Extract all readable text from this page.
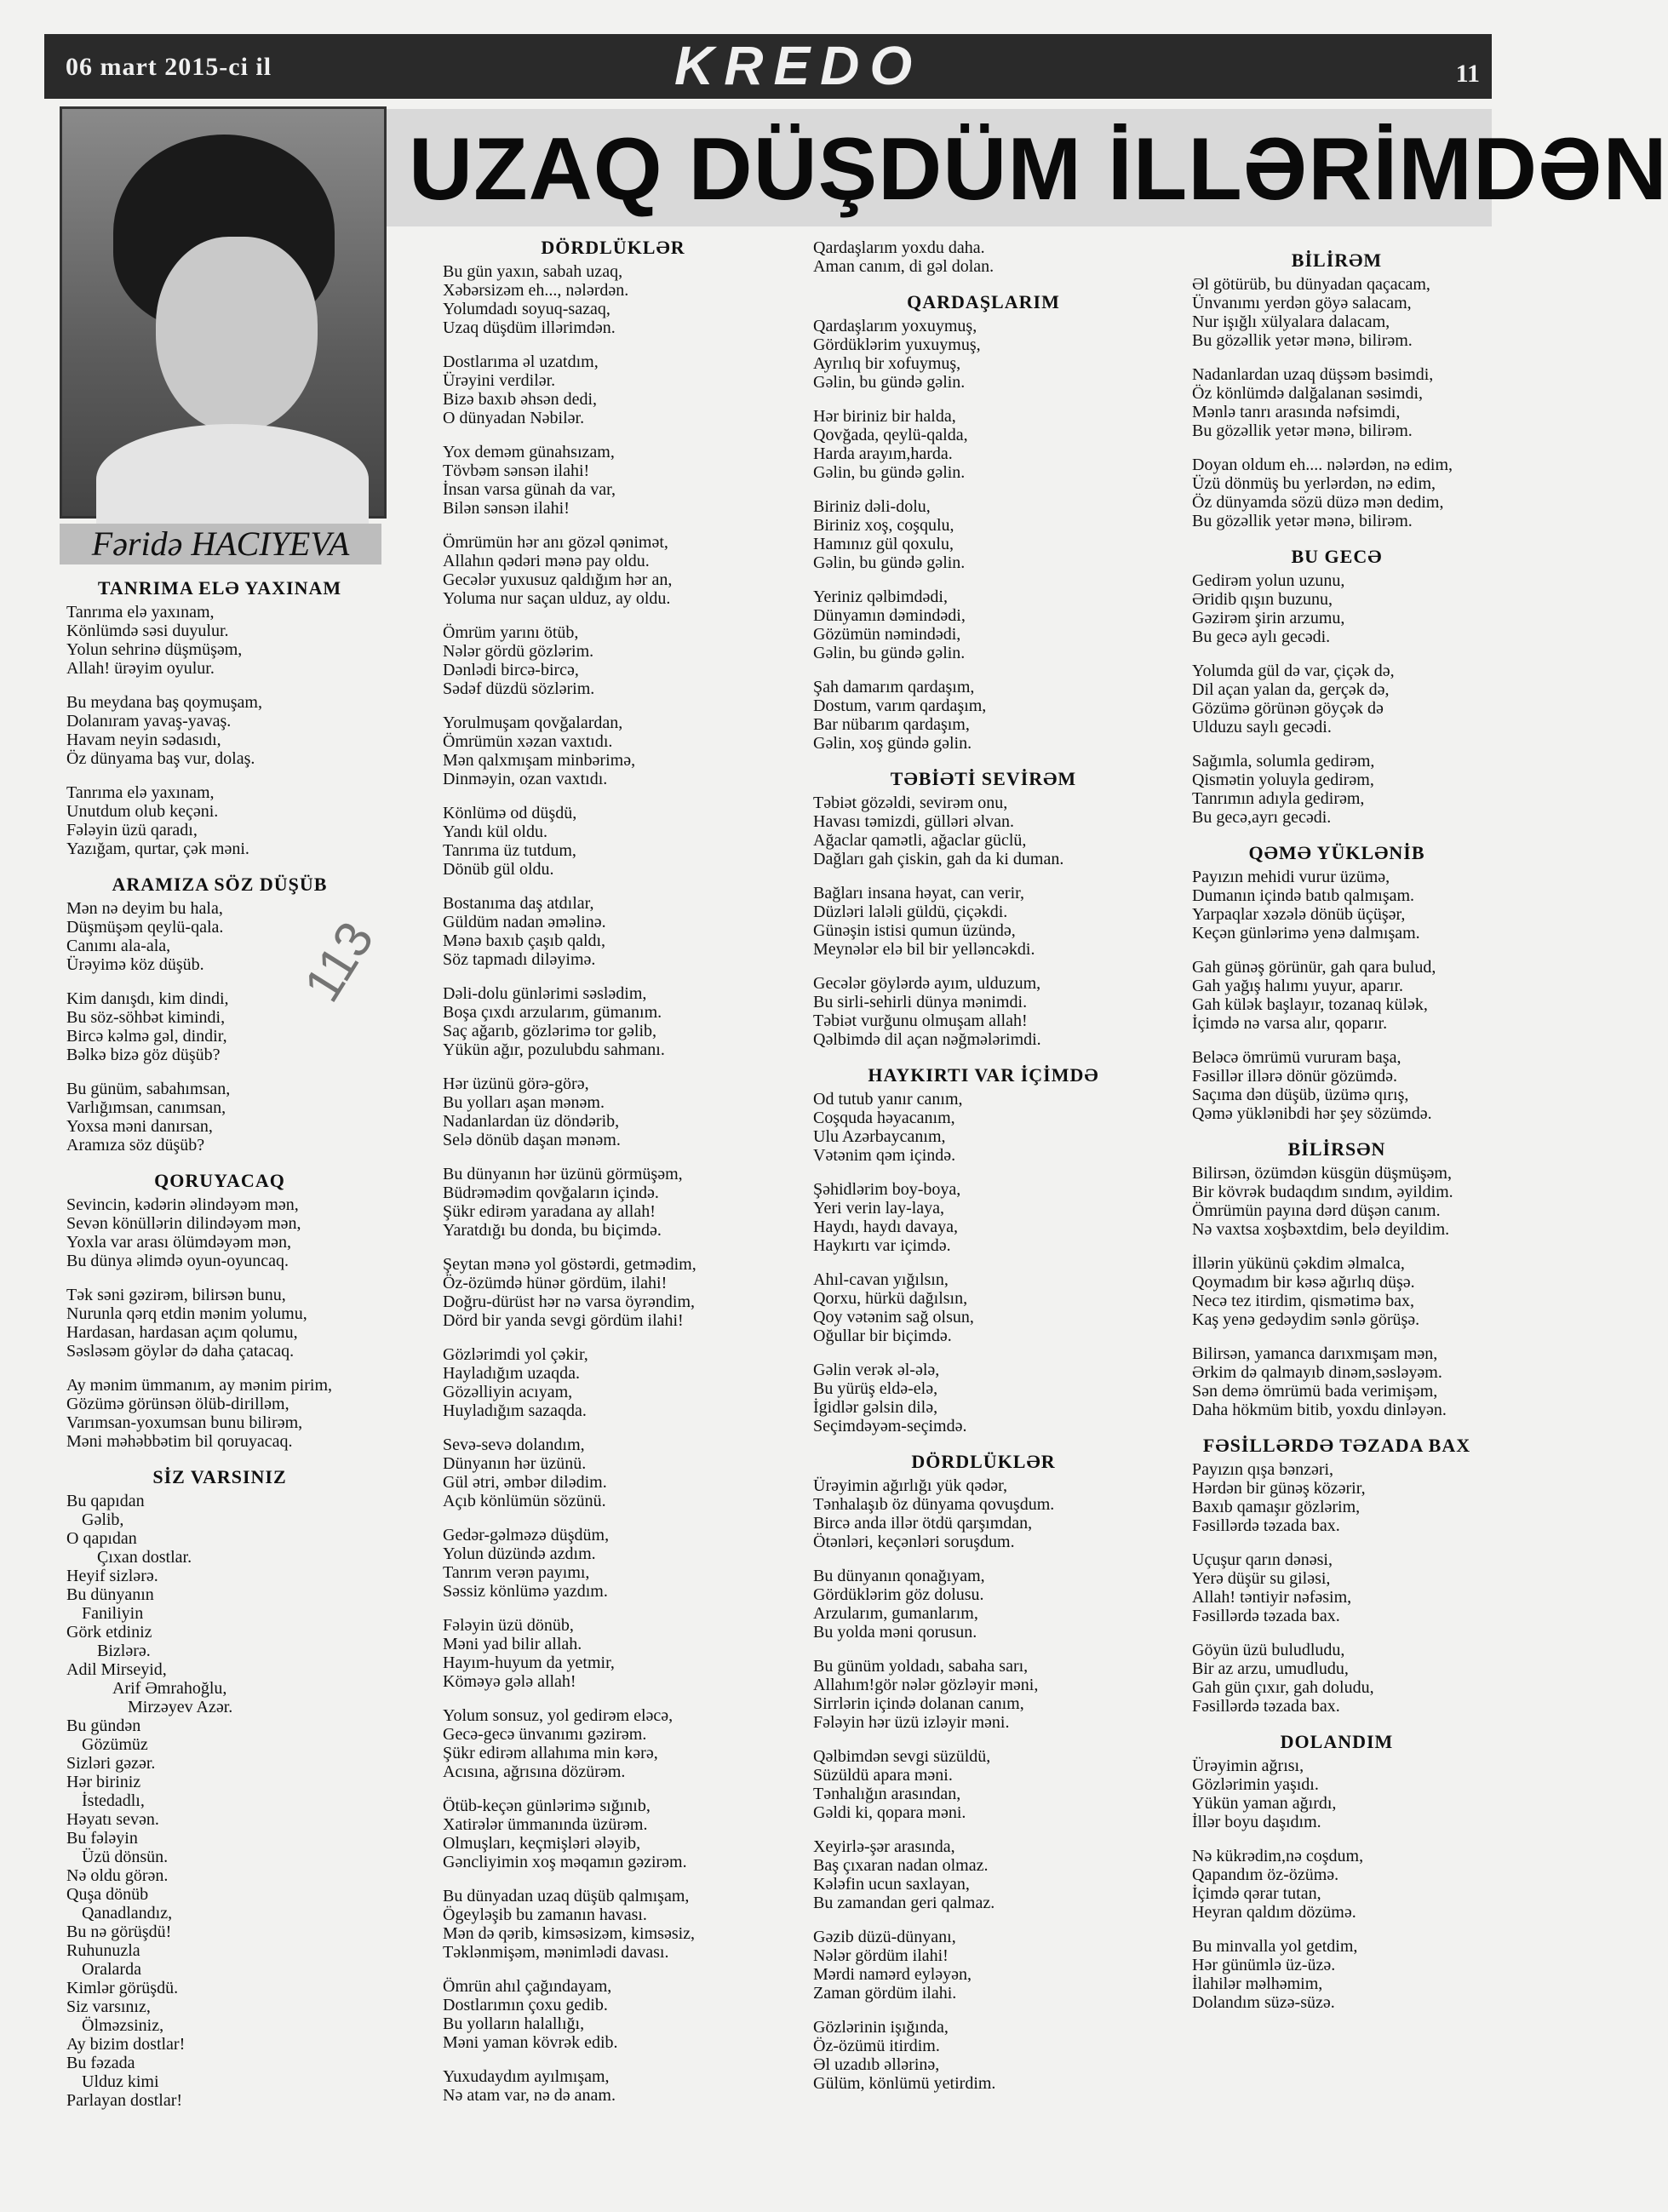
06 mart 2015-ci il	KREDO	11
UZAQ DÜŞDÜM İLLƏRİMDƏN
Fəridə HACIYEVA
113
TANRIMA ELƏ YAXINAM
Tanrıma elə yaxınam,
Könlümdə səsi duyulur.
Yolun sehrinə düşmüşəm,
Allah! ürəyim oyulur.
Bu meydana baş qoymuşam,
Dolanıram yavaş-yavaş.
Havam neyin sədasıdı,
Öz dünyama baş vur, dolaş.
Tanrıma elə yaxınam,
Unutdum olub keçəni.
Fələyin üzü qaradı,
Yazığam, qurtar, çək məni.
ARAMIZA SÖZ DÜŞÜB
Mən nə deyim bu hala,
Düşmüşəm qeylü-qala.
Canımı ala-ala,
Ürəyimə köz düşüb.
Kim danışdı, kim dindi,
Bu söz-söhbət kimindi,
Bircə kəlmə gəl, dindir,
Bəlkə bizə göz düşüb?
Bu günüm, sabahımsan,
Varlığımsan, canımsan,
Yoxsa məni danırsan,
Aramıza söz düşüb?
QORUYACAQ
Sevincin, kədərin əlindəyəm mən,
Sevən könüllərin dilindəyəm mən,
Yoxla var arası ölümdəyəm mən,
Bu dünya əlimdə oyun-oyuncaq.
Tək səni gəzirəm, bilirsən bunu,
Nurunla qərq etdin mənim yolumu,
Hardasan, hardasan açım qolumu,
Səsləsəm göylər də daha çatacaq.
Ay mənim ümmanım, ay mənim pirim,
Gözümə görünsən ölüb-dirilləm,
Varımsan-yoxumsan bunu bilirəm,
Məni məhəbbətim bil qoruyacaq.
SİZ VARSINIZ
Bu qapıdan
Gəlib,
O qapıdan
Çıxan dostlar.
Heyif sizlərə.
Bu dünyanın
Faniliyin
Görk etdiniz
Bizlərə.
Adil Mirseyid,
Arif Əmrahoğlu,
Mirzəyev Azər.
Bu gündən
Gözümüz
Sizləri gəzər.
Hər biriniz
İstedadlı,
Həyatı sevən.
Bu fələyin
Üzü dönsün.
Nə oldu görən.
Quşa dönüb
Qanadlandız,
Bu nə görüşdü!
Ruhunuzla
Oralarda
Kimlər görüşdü.
Siz varsınız,
Ölməzsiniz,
Ay bizim dostlar!
Bu fəzada
Ulduz kimi
Parlayan dostlar!
DÖRDLÜKLƏR
Bu gün yaxın, sabah uzaq,
Xəbərsizəm eh..., nələrdən.
Yolumdadı soyuq-sazaq,
Uzaq düşdüm illərimdən.
Dostlarıma əl uzatdım,
Ürəyini verdilər.
Bizə baxıb əhsən dedi,
O dünyadan Nəbilər.
Yox deməm günahsızam,
Tövbəm sənsən ilahi!
İnsan varsa günah da var,
Bilən sənsən ilahi!
Ömrümün hər anı gözəl qənimət,
Allahın qədəri mənə pay oldu.
Gecələr yuxusuz qaldığım hər an,
Yoluma nur saçan ulduz, ay oldu.
Ömrüm yarını ötüb,
Nələr gördü gözlərim.
Dənlədi bircə-bircə,
Sədəf düzdü sözlərim.
Yorulmuşam qovğalardan,
Ömrümün xəzan vaxtıdı.
Mən qalxmışam minbərimə,
Dinməyin, ozan vaxtıdı.
Könlümə od düşdü,
Yandı kül oldu.
Tanrıma üz tutdum,
Dönüb gül oldu.
Bostanıma daş atdılar,
Güldüm nadan əməlinə.
Mənə baxıb çaşıb qaldı,
Söz tapmadı diləyimə.
Dəli-dolu günlərimi səslədim,
Boşa çıxdı arzularım, gümanım.
Saç ağarıb, gözlərimə tor gəlib,
Yükün ağır, pozulubdu sahmanı.
Hər üzünü görə-görə,
Bu yolları aşan mənəm.
Nadanlardan üz döndərib,
Selə dönüb daşan mənəm.
Bu dünyanın hər üzünü görmüşəm,
Büdrəmədim qovğaların içində.
Şükr edirəm yaradana ay allah!
Yaratdığı bu donda, bu biçimdə.
Şeytan mənə yol göstərdi, getmədim,
Öz-özümdə hünər gördüm, ilahi!
Doğru-dürüst hər nə varsa öyrəndim,
Dörd bir yanda sevgi gördüm ilahi!
Gözlərimdi yol çəkir,
Hayladığım uzaqda.
Gözəlliyin acıyam,
Huyladığım sazaqda.
Sevə-sevə dolandım,
Dünyanın hər üzünü.
Gül ətri, əmbər dilədim.
Açıb könlümün sözünü.
Gedər-gəlməzə düşdüm,
Yolun düzündə azdım.
Tanrım verən payımı,
Səssiz könlümə yazdım.
Fələyin üzü dönüb,
Məni yad bilir allah.
Hayım-huyum da yetmir,
Köməyə gələ allah!
Yolum sonsuz, yol gedirəm eləcə,
Gecə-gecə ünvanımı gəzirəm.
Şükr edirəm allahıma min kərə,
Acısına, ağrısına dözürəm.
Ötüb-keçən günlərimə sığınıb,
Xatirələr ümmanında üzürəm.
Olmuşları, keçmişləri ələyib,
Gəncliyimin xoş məqamın gəzirəm.
Bu dünyadan uzaq düşüb qalmışam,
Ögeyləşib bu zamanın havası.
Mən də qərib, kimsəsizəm, kimsəsiz,
Təklənmişəm, mənimlədi davası.
Ömrün ahıl çağındayam,
Dostlarımın çoxu gedib.
Bu yolların halallığı,
Məni yaman kövrək edib.
Yuxudaydım ayılmışam,
Nə atam var, nə də anam.
Qardaşlarım yoxdu daha.
Aman canım, di gəl dolan.
QARDAŞLARIM
Qardaşlarım yoxuymuş,
Gördüklərim yuxuymuş,
Ayrılıq bir xofuymuş,
Gəlin, bu gündə gəlin.
Hər biriniz bir halda,
Qovğada, qeylü-qalda,
Harda arayım,harda.
Gəlin, bu gündə gəlin.
Biriniz dəli-dolu,
Biriniz xoş, coşqulu,
Hamınız gül qoxulu,
Gəlin, bu gündə gəlin.
Yeriniz qəlbimdədi,
Dünyamın dəmindədi,
Gözümün nəmindədi,
Gəlin, bu gündə gəlin.
Şah damarım qardaşım,
Dostum, varım qardaşım,
Bar nübarım qardaşım,
Gəlin, xoş gündə gəlin.
TƏBİƏTİ SEVİRƏM
Təbiət gözəldi, sevirəm onu,
Havası təmizdi, gülləri əlvan.
Ağaclar qamətli, ağaclar güclü,
Dağları gah çiskin, gah da ki duman.
Bağları insana həyat, can verir,
Düzləri laləli güldü, çiçəkdi.
Günəşin istisi qumun üzündə,
Meynələr elə bil bir yelləncəkdi.
Gecələr göylərdə ayım, ulduzum,
Bu sirli-sehirli dünya mənimdi.
Təbiət vurğunu olmuşam allah!
Qəlbimdə dil açan nəğmələrimdi.
HAYKIRTI VAR İÇİMDƏ
Od tutub yanır canım,
Coşquda həyacanım,
Ulu Azərbaycanım,
Vətənim qəm içində.
Şəhidlərim boy-boya,
Yeri verin lay-laya,
Haydı, haydı davaya,
Haykırtı var içimdə.
Ahıl-cavan yığılsın,
Qorxu, hürkü dağılsın,
Qoy vətənim sağ olsun,
Oğullar bir biçimdə.
Gəlin verək əl-ələ,
Bu yürüş eldə-elə,
İgidlər gəlsin dilə,
Seçimdəyəm-seçimdə.
DÖRDLÜKLƏR
Ürəyimin ağırlığı yük qədər,
Tənhalaşıb öz dünyama qovuşdum.
Bircə anda illər ötdü qarşımdan,
Ötənləri, keçənləri soruşdum.
Bu dünyanın qonağıyam,
Gördüklərim göz dolusu.
Arzularım, gumanlarım,
Bu yolda məni qorusun.
Bu günüm yoldadı, sabaha sarı,
Allahım!gör nələr gözləyir məni,
Sirrlərin içində dolanan canım,
Fələyin hər üzü izləyir məni.
Qəlbimdən sevgi süzüldü,
Süzüldü apara məni.
Tənhalığın arasından,
Gəldi ki, qopara məni.
Xeyirlə-şər arasında,
Baş çıxaran nadan olmaz.
Kələfin ucun saxlayan,
Bu zamandan geri qalmaz.
Gəzib düzü-dünyanı,
Nələr gördüm ilahi!
Mərdi namərd eyləyən,
Zaman gördüm ilahi.
Gözlərinin işığında,
Öz-özümü itirdim.
Əl uzadıb əllərinə,
Gülüm, könlümü yetirdim.
BİLİRƏM
Əl götürüb, bu dünyadan qaçacam,
Ünvanımı yerdən göyə salacam,
Nur işığlı xülyalara dalacam,
Bu gözəllik yetər mənə, bilirəm.
Nadanlardan uzaq düşsəm bəsimdi,
Öz könlümdə dalğalanan səsimdi,
Mənlə tanrı arasında nəfsimdi,
Bu gözəllik yetər mənə, bilirəm.
Doyan oldum eh.... nələrdən, nə edim,
Üzü dönmüş bu yerlərdən, nə edim,
Öz dünyamda sözü düzə mən dedim,
Bu gözəllik yetər mənə, bilirəm.
BU GECƏ
Gedirəm yolun uzunu,
Əridib qışın buzunu,
Gəzirəm şirin arzumu,
Bu gecə aylı gecədi.
Yolumda gül də var, çiçək də,
Dil açan yalan da, gerçək də,
Gözümə görünən göyçək də
Ulduzu saylı gecədi.
Sağımla, solumla gedirəm,
Qismətin yoluyla gedirəm,
Tanrımın adıyla gedirəm,
Bu gecə,ayrı gecədi.
QƏMƏ YÜKLƏNİB
Payızın mehidi vurur üzümə,
Dumanın içində batıb qalmışam.
Yarpaqlar xəzələ dönüb üçüşər,
Keçən günlərimə yenə dalmışam.
Gah günəş görünür, gah qara bulud,
Gah yağış halımı yuyur, aparır.
Gah külək başlayır, tozanaq külək,
İçimdə nə varsa alır, qoparır.
Beləcə ömrümü vururam başa,
Fəsillər illərə dönür gözümdə.
Saçıma dən düşüb, üzümə qırış,
Qəmə yüklənibdi hər şey sözümdə.
BİLİRSƏN
Bilirsən, özümdən küsgün düşmüşəm,
Bir kövrək budaqdım sındım, əyildim.
Ömrümün payına dərd düşən canım.
Nə vaxtsa xoşbəxtdim, belə deyildim.
İllərin yükünü çəkdim əlmalca,
Qoymadım bir kəsə ağırlıq düşə.
Necə tez itirdim, qismətimə bax,
Kaş yenə gedəydim sənlə görüşə.
Bilirsən, yamanca darıxmışam mən,
Ərkim də qalmayıb dinəm,səsləyəm.
Sən demə ömrümü bada verimişəm,
Daha hökmüm bitib, yoxdu dinləyən.
FƏSİLLƏRDƏ TƏZADA BAX
Payızın qışa bənzəri,
Hərdən bir günəş közərir,
Baxıb qamaşır gözlərim,
Fəsillərdə təzada bax.
Uçuşur qarın dənəsi,
Yerə düşür su giləsi,
Allah! təntiyir nəfəsim,
Fəsillərdə təzada bax.
Göyün üzü buludludu,
Bir az arzu, umudludu,
Gah gün çıxır, gah doludu,
Fəsillərdə təzada bax.
DOLANDIM
Ürəyimin ağrısı,
Gözlərimin yaşıdı.
Yükün yaman ağırdı,
İllər boyu daşıdım.
Nə kükrədim,nə coşdum,
Qapandım öz-özümə.
İçimdə qərar tutan,
Heyran qaldım dözümə.
Bu minvalla yol getdim,
Hər günümlə üz-üzə.
İlahilər məlhəmim,
Dolandım süzə-süzə.
